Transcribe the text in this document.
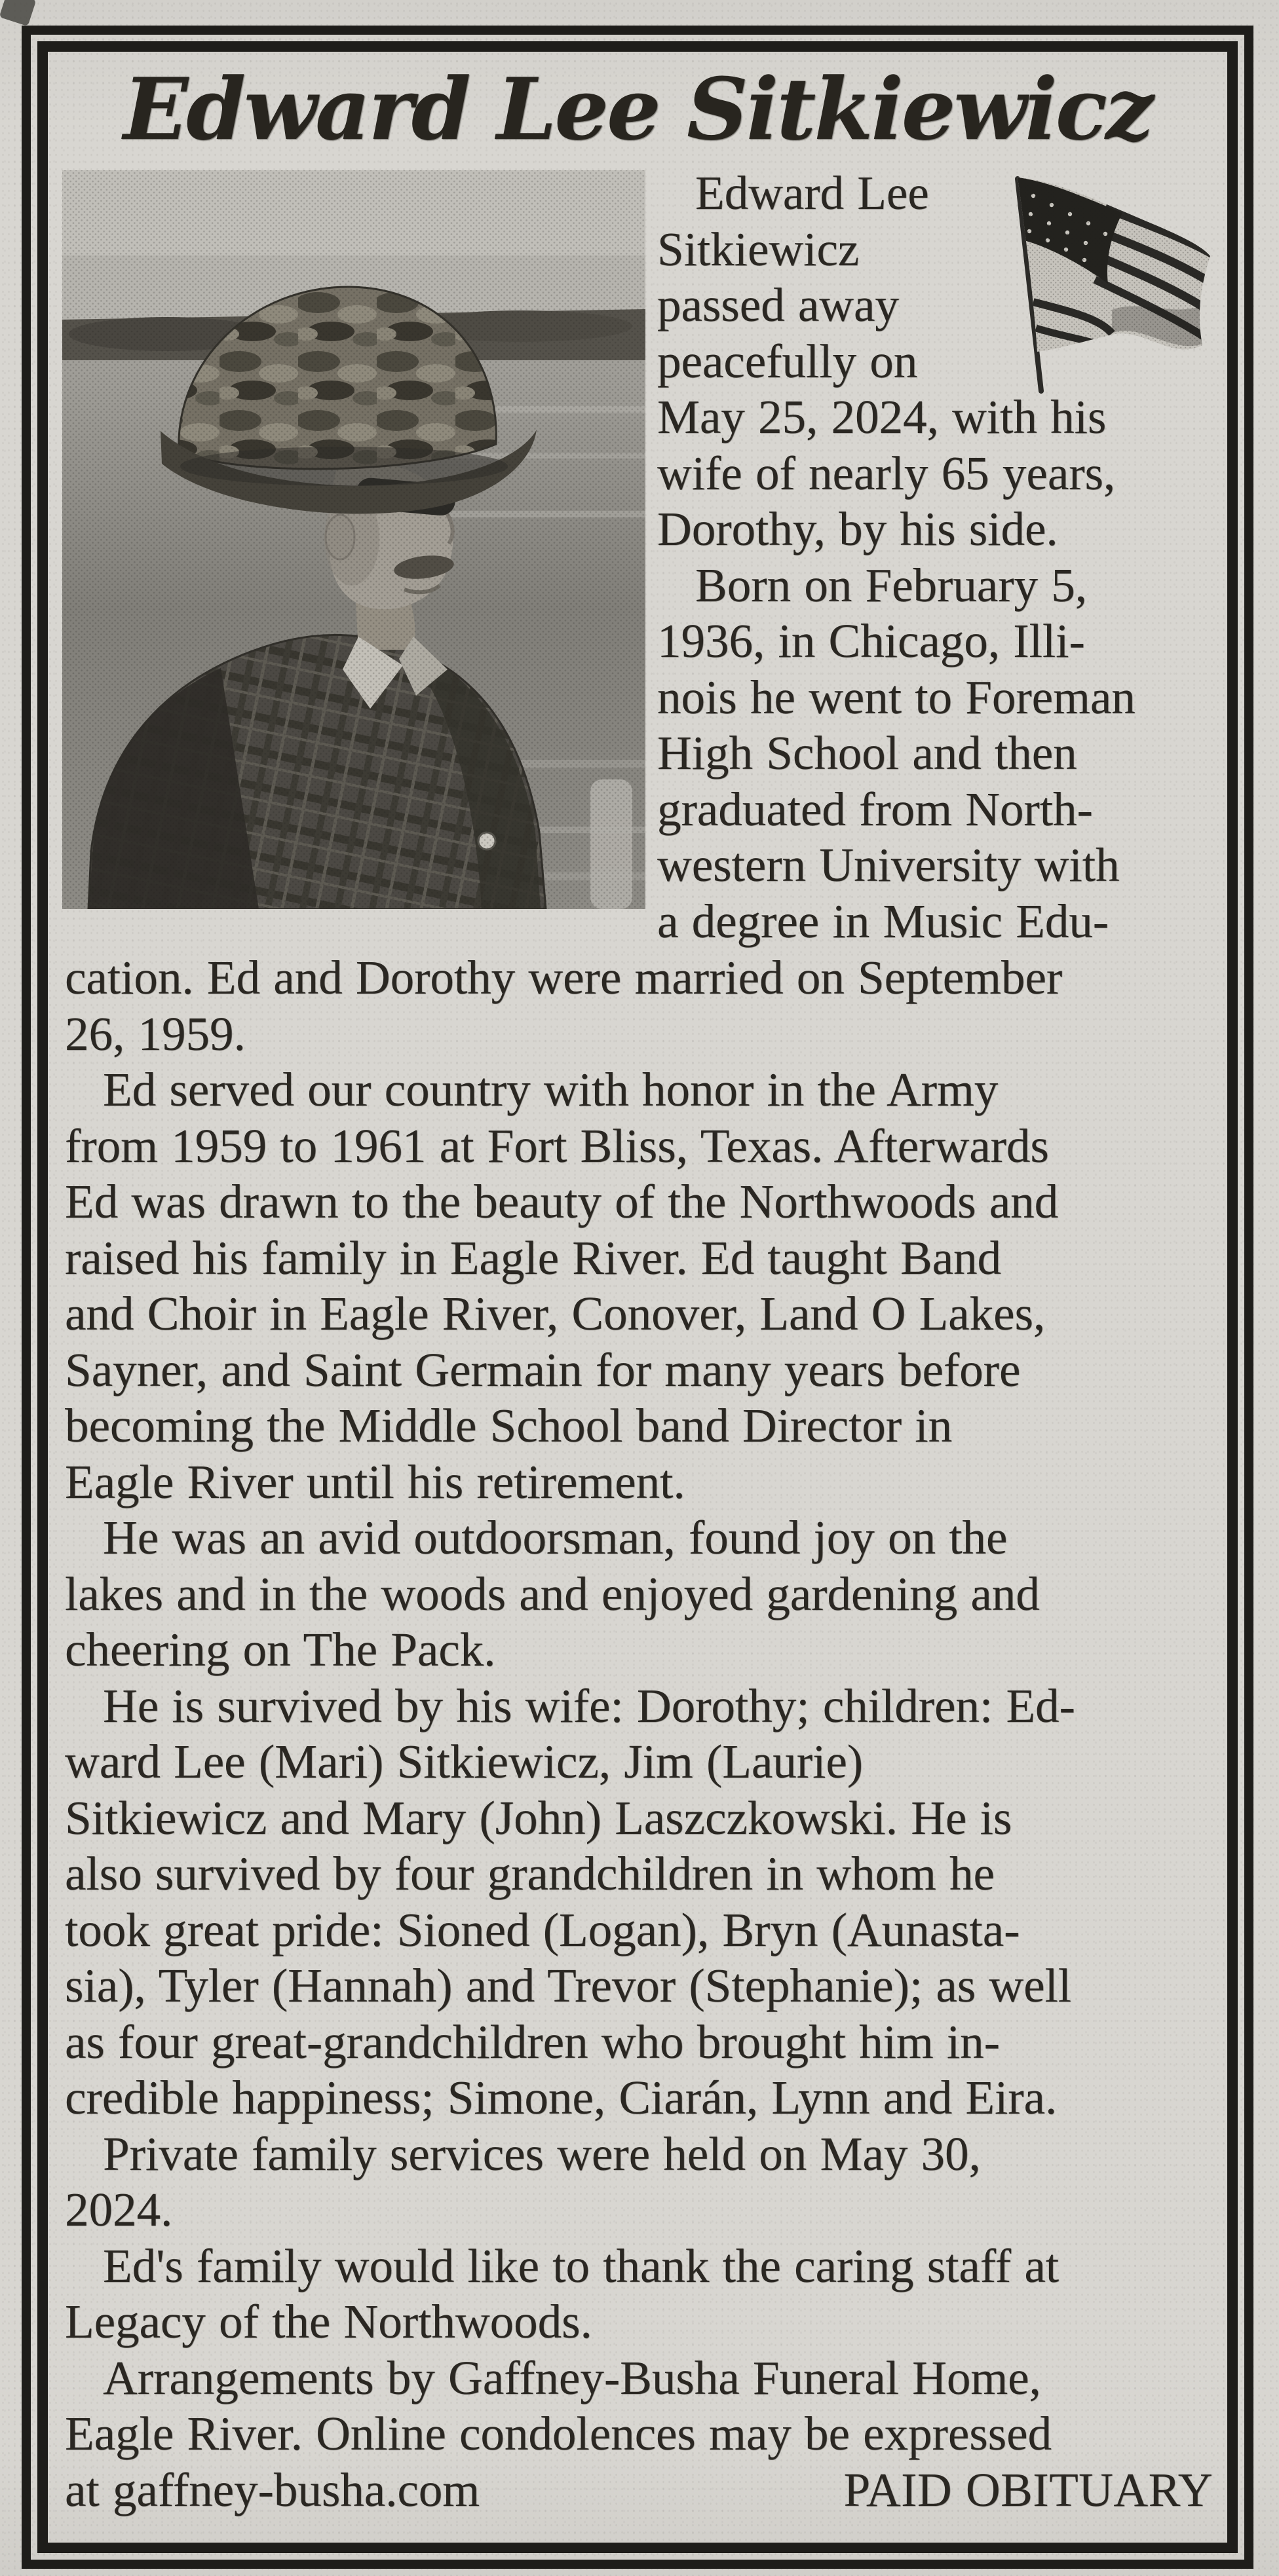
Edward Lee Sitkiewicz
Edward Lee
Sitkiewicz
passed away
peacefully on
May 25, 2024, with his
wife of nearly 65 years,
Dorothy, by his side.
Born on February 5,
1936, in Chicago, Illi-
nois he went to Foreman
High School and then
graduated from North-
western University with
a degree in Music Edu-
cation. Ed and Dorothy were married on September
26, 1959.
Ed served our country with honor in the Army
from 1959 to 1961 at Fort Bliss, Texas. Afterwards
Ed was drawn to the beauty of the Northwoods and
raised his family in Eagle River. Ed taught Band
and Choir in Eagle River, Conover, Land O Lakes,
Sayner, and Saint Germain for many years before
becoming the Middle School band Director in
Eagle River until his retirement.
He was an avid outdoorsman, found joy on the
lakes and in the woods and enjoyed gardening and
cheering on The Pack.
He is survived by his wife: Dorothy; children: Ed-
ward Lee (Mari) Sitkiewicz, Jim (Laurie)
Sitkiewicz and Mary (John) Laszczkowski. He is
also survived by four grandchildren in whom he
took great pride: Sioned (Logan), Bryn (Aunasta-
sia), Tyler (Hannah) and Trevor (Stephanie); as well
as four great-grandchildren who brought him in-
credible happiness; Simone, Ciarán, Lynn and Eira.
Private family services were held on May 30,
2024.
Ed's family would like to thank the caring staff at
Legacy of the Northwoods.
Arrangements by Gaffney-Busha Funeral Home,
Eagle River. Online condolences may be expressed
at gaffney-busha.com	PAID OBITUARY
